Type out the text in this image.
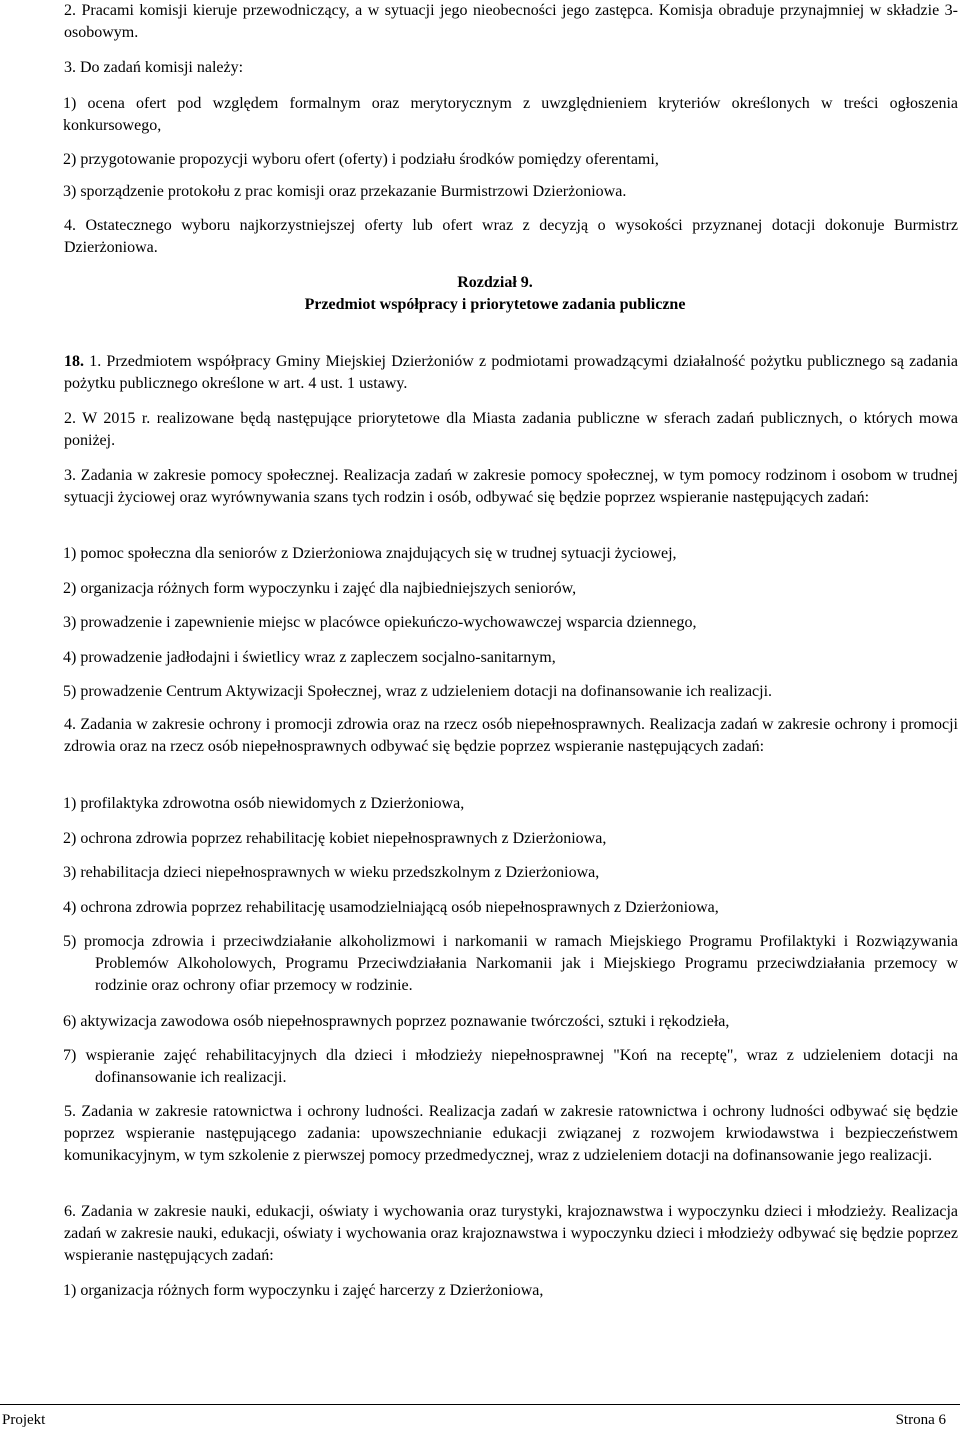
2. Pracami komisji kieruje przewodniczący, a w sytuacji jego nieobecności jego zastępca. Komisja obraduje przynajmniej w składzie 3-osobowym.

3. Do zadań komisji należy:

1) ocena ofert pod względem formalnym oraz merytorycznym z uwzględnieniem kryteriów określonych w treści ogłoszenia konkursowego,

2) przygotowanie propozycji wyboru ofert (oferty) i podziału środków pomiędzy oferentami,

3) sporządzenie protokołu z prac komisji oraz przekazanie Burmistrzowi Dzierżoniowa.

4. Ostatecznego wyboru najkorzystniejszej oferty lub ofert wraz z decyzją o wysokości przyznanej dotacji dokonuje Burmistrz Dzierżoniowa.

Rozdział 9.

Przedmiot współpracy i priorytetowe zadania publiczne

18. 1. Przedmiotem współpracy Gminy Miejskiej Dzierżoniów z podmiotami prowadzącymi działalność pożytku publicznego są zadania pożytku publicznego określone w art. 4 ust. 1 ustawy.

2. W 2015 r. realizowane będą następujące priorytetowe dla Miasta zadania publiczne w sferach zadań publicznych, o których mowa poniżej.

3. Zadania w zakresie pomocy społecznej. Realizacja zadań w zakresie pomocy społecznej, w tym pomocy rodzinom i osobom w trudnej sytuacji życiowej oraz wyrównywania szans tych rodzin i osób, odbywać się będzie poprzez wspieranie następujących zadań:

1) pomoc społeczna dla seniorów z Dzierżoniowa znajdujących się w trudnej sytuacji życiowej,

2) organizacja różnych form wypoczynku i zajęć dla najbiedniejszych seniorów,

3) prowadzenie i zapewnienie miejsc w placówce opiekuńczo-wychowawczej wsparcia dziennego,

4) prowadzenie jadłodajni i świetlicy wraz z zapleczem socjalno-sanitarnym,

5) prowadzenie Centrum Aktywizacji Społecznej, wraz z udzieleniem dotacji na dofinansowanie ich realizacji.

4. Zadania w zakresie ochrony i promocji zdrowia oraz na rzecz osób niepełnosprawnych. Realizacja zadań w zakresie ochrony i promocji zdrowia oraz na rzecz osób niepełnosprawnych odbywać się będzie poprzez wspieranie następujących zadań:

1) profilaktyka zdrowotna osób niewidomych z Dzierżoniowa,

2) ochrona zdrowia poprzez rehabilitację kobiet niepełnosprawnych z Dzierżoniowa,

3) rehabilitacja dzieci niepełnosprawnych w wieku przedszkolnym z Dzierżoniowa,

4) ochrona zdrowia poprzez rehabilitację usamodzielniającą osób niepełnosprawnych z Dzierżoniowa,

5) promocja zdrowia i przeciwdziałanie alkoholizmowi i narkomanii w ramach Miejskiego Programu Profilaktyki i Rozwiązywania Problemów Alkoholowych, Programu Przeciwdziałania Narkomanii jak i Miejskiego Programu przeciwdziałania przemocy w rodzinie oraz ochrony ofiar przemocy w rodzinie.

6) aktywizacja zawodowa osób niepełnosprawnych poprzez poznawanie twórczości, sztuki i rękodzieła,

7) wspieranie zajęć rehabilitacyjnych dla dzieci i młodzieży niepełnosprawnej "Koń na receptę", wraz z udzieleniem dotacji na dofinansowanie ich realizacji.

5. Zadania w zakresie ratownictwa i ochrony ludności. Realizacja zadań w zakresie ratownictwa i ochrony ludności odbywać się będzie poprzez wspieranie następującego zadania: upowszechnianie edukacji związanej z rozwojem krwiodawstwa i bezpieczeństwem komunikacyjnym, w tym szkolenie z pierwszej pomocy przedmedycznej, wraz z udzieleniem dotacji na dofinansowanie jego realizacji.

6. Zadania w zakresie nauki, edukacji, oświaty i wychowania oraz turystyki, krajoznawstwa i wypoczynku dzieci i młodzieży. Realizacja zadań w zakresie nauki, edukacji, oświaty i wychowania oraz krajoznawstwa i wypoczynku dzieci i młodzieży odbywać się będzie poprzez wspieranie następujących zadań:

1) organizacja różnych form wypoczynku i zajęć harcerzy z Dzierżoniowa,

Projekt	Strona 6
